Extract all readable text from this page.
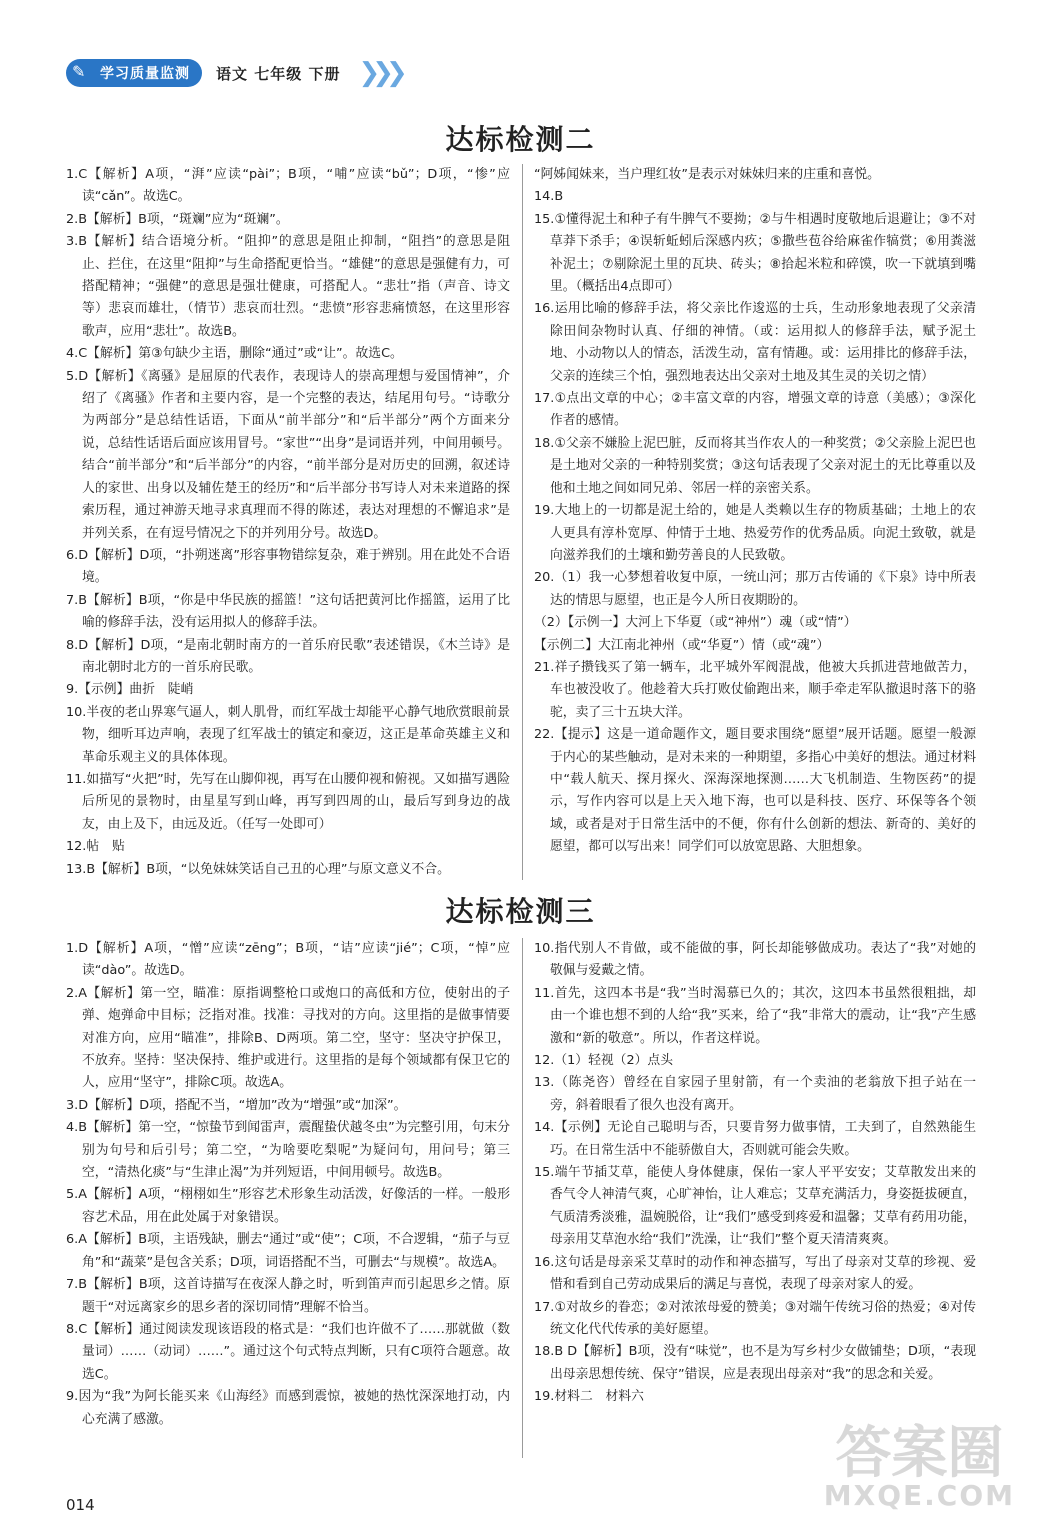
✎ 学习质量监测	语文 七年级 下册 ❯❯❯
达标检测二

1.C【解析】A项，“湃”应读“pài”；B项，“哺”应读“bǔ”；D项，“惨”应读“cǎn”。故选C。

2.B【解析】B项，“斑斓”应为“斑斓”。

3.B【解析】结合语境分析。“阻抑”的意思是阻止抑制，“阻挡”的意思是阻止、拦住，在这里“阻抑”与生命搭配更恰当。“雄健”的意思是强健有力，可搭配精神；“强健”的意思是强壮健康，可搭配人。“悲壮”指（声音、诗文等）悲哀而雄壮，（情节）悲哀而壮烈。“悲愤”形容悲痛愤怒，在这里形容歌声，应用“悲壮”。故选B。

4.C【解析】第③句缺少主语，删除“通过”或“让”。故选C。

5.D【解析】《离骚》是屈原的代表作，表现诗人的崇高理想与爱国情神”，介绍了《离骚》作者和主要内容，是一个完整的表达，结尾用句号。“诗歌分为两部分”是总结性话语，下面从“前半部分”和“后半部分”两个方面来分说，总结性话语后面应该用冒号。“家世”“出身”是词语并列，中间用顿号。结合“前半部分”和“后半部分”的内容，“前半部分是对历史的回溯，叙述诗人的家世、出身以及辅佐楚王的经历”和“后半部分书写诗人对未来道路的探索历程，通过神游天地寻求真理而不得的陈述，表达对理想的不懈追求”是并列关系，在有逗号情况之下的并列用分号。故选D。

6.D【解析】D项，“扑朔迷离”形容事物错综复杂，难于辨别。用在此处不合语境。

7.B【解析】B项，“你是中华民族的摇篮！”这句话把黄河比作摇篮，运用了比喻的修辞手法，没有运用拟人的修辞手法。

8.D【解析】D项，“是南北朝时南方的一首乐府民歌”表述错误，《木兰诗》是南北朝时北方的一首乐府民歌。

9.【示例】曲折　陡峭

10.半夜的老山界寒气逼人，刺人肌骨，而红军战士却能平心静气地欣赏眼前景物，细听耳边声响，表现了红军战士的镇定和豪迈，这正是革命英雄主义和革命乐观主义的具体体现。

11.如描写“火把”时，先写在山脚仰视，再写在山腰仰视和俯视。又如描写遇险后所见的景物时，由星星写到山峰，再写到四周的山，最后写到身边的战友，由上及下，由远及近。（任写一处即可）

12.帖　贴

13.B【解析】B项，“以免妹妹笑话自己丑的心理”与原文意义不合。

“阿姊闻妹来，当户理红妆”是表示对妹妹归来的庄重和喜悦。

14.B

15.①懂得泥土和种子有牛脾气不要拗；②与牛相遇时度敬地后退避让；③不对草莽下杀手；④误斩蚯蚓后深感内疚；⑤撒些苞谷给麻雀作犒赏；⑥用粪滋补泥土；⑦剔除泥土里的瓦块、砖头；⑧拾起米粒和碎馍，吹一下就填到嘴里。（概括出4点即可）

16.运用比喻的修辞手法，将父亲比作逡巡的士兵，生动形象地表现了父亲清除田间杂物时认真、仔细的神情。（或：运用拟人的修辞手法，赋予泥土地、小动物以人的情态，活泼生动，富有情趣。或：运用排比的修辞手法，父亲的连续三个怕，强烈地表达出父亲对土地及其生灵的关切之情）

17.①点出文章的中心；②丰富文章的内容，增强文章的诗意（美感）；③深化作者的感情。

18.①父亲不嫌脸上泥巴脏，反而将其当作农人的一种奖赏；②父亲脸上泥巴也是土地对父亲的一种特别奖赏；③这句话表现了父亲对泥土的无比尊重以及他和土地之间如同兄弟、邻居一样的亲密关系。

19.大地上的一切都是泥土给的，她是人类赖以生存的物质基础；土地上的农人更具有淳朴宽厚、仲情于土地、热爱劳作的优秀品质。向泥土致敬，就是向滋养我们的土壤和勤劳善良的人民致敬。

20.（1）我一心梦想着收复中原，一统山河；那万古传诵的《下泉》诗中所表达的情思与愿望，也正是今人所日夜期盼的。

（2）【示例一】大河上下华夏（或“神州”）魂（或“情”）

【示例二】大江南北神州（或“华夏”）情（或“魂”）

21.祥子攒钱买了第一辆车，北平城外军阀混战，他被大兵抓进营地做苦力，车也被没收了。他趁着大兵打败仗偷跑出来，顺手牵走军队撤退时落下的骆驼，卖了三十五块大洋。

22.【提示】这是一道命题作文，题目要求围绕“愿望”展开话题。愿望一般源于内心的某些触动，是对未来的一种期望，多指心中美好的想法。通过材料中“载人航天、探月探火、深海深地探测……大飞机制造、生物医药”的提示，写作内容可以是上天入地下海，也可以是科技、医疗、环保等各个领域，或者是对于日常生活中的不便，你有什么创新的想法、新奇的、美好的愿望，都可以写出来！同学们可以放宽思路、大胆想象。

达标检测三

1.D【解析】A项，“憎”应读“zēng”；B项，“诘”应读“jié”；C项，“悼”应读“dào”。故选D。

2.A【解析】第一空，瞄准：原指调整枪口或炮口的高低和方位，使射出的子弹、炮弹命中目标；泛指对准。找准：寻找对的方向。这里指的是做事情要对准方向，应用“瞄准”，排除B、D两项。第二空，坚守：坚决守护保卫，不放弃。坚持：坚决保持、维护或进行。这里指的是每个领域都有保卫它的人，应用“坚守”，排除C项。故选A。

3.D【解析】D项，搭配不当，“增加”改为“增强”或“加深”。

4.B【解析】第一空，“惊蛰节到闻雷声，震醒蛰伏越冬虫”为完整引用，句末分别为句号和后引号；第二空，“为啥要吃梨呢”为疑问句，用问号；第三空，“清热化痰”与“生津止渴”为并列短语，中间用顿号。故选B。

5.A【解析】A项，“栩栩如生”形容艺术形象生动活泼，好像活的一样。一般形容艺术品，用在此处属于对象错误。

6.A【解析】B项，主语残缺，删去“通过”或“使”；C项，不合逻辑，“茄子与豆角”和“蔬菜”是包含关系；D项，词语搭配不当，可删去“与规模”。故选A。

7.B【解析】B项，这首诗描写在夜深人静之时，听到笛声而引起思乡之情。原题干“对远离家乡的思乡者的深切同情”理解不恰当。

8.C【解析】通过阅读发现该语段的格式是：“我们也许做不了……那就做（数量词）……（动词）……”。通过这个句式特点判断，只有C项符合题意。故选C。

9.因为“我”为阿长能买来《山海经》而感到震惊，被她的热忱深深地打动，内心充满了感激。

10.指代别人不肯做，或不能做的事，阿长却能够做成功。表达了“我”对她的敬佩与爱戴之情。

11.首先，这四本书是“我”当时渴慕已久的；其次，这四本书虽然很粗拙，却由一个谁也想不到的人给“我”买来，给了“我”非常大的震动，让“我”产生感激和“新的敬意”。所以，作者这样说。

12.（1）轻视（2）点头

13.（陈尧咨）曾经在自家园子里射箭，有一个卖油的老翁放下担子站在一旁，斜着眼看了很久也没有离开。

14.【示例】无论自己聪明与否，只要肯努力做事情，工夫到了，自然熟能生巧。在日常生活中不能骄傲自大，否则就可能会失败。

15.端午节插艾草，能使人身体健康，保佑一家人平平安安；艾草散发出来的香气令人神清气爽，心旷神怡，让人难忘；艾草充满活力，身姿挺拔硬直，气质清秀淡雅，温婉脱俗，让“我们”感受到疼爱和温馨；艾草有药用功能，母亲用艾草泡水给“我们”洗澡，让“我们”整个夏天清清爽爽。

16.这句话是母亲采艾草时的动作和神态描写，写出了母亲对艾草的珍视、爱惜和看到自己劳动成果后的满足与喜悦，表现了母亲对家人的爱。

17.①对故乡的眷恋；②对浓浓母爱的赞美；③对端午传统习俗的热爱；④对传统文化代代传承的美好愿望。

18.B D【解析】B项，没有“味觉”，也不是为写乡村少女做铺垫；D项，“表现出母亲思想传统、保守”错误，应是表现出母亲对“我”的思念和关爱。

19.材料二　材料六

014
答案圈
MXQE.COM
